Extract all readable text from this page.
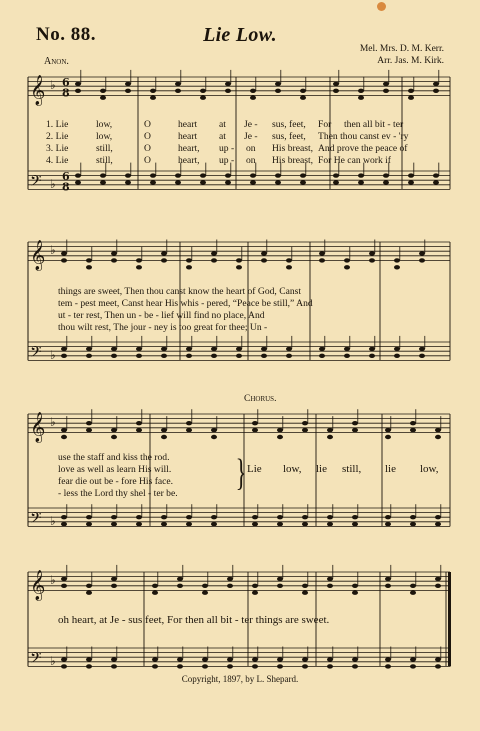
No. 88.	Lie Low.
Anon.
Mel. Mrs. D. M. Kerr.
Arr. Jas. M. Kirk.
𝄞 ♭ 6
8
𝄢 ♭
6
8
𝄞 ♭
𝄢 ♭
𝄞 ♭
𝄢 ♭
𝄞 ♭
𝄢 ♭
1. Lie	low,	O	heart at Je - sus, feet, For then all bit - ter
2. Lie	low,	O	heart at Je - sus, feet, Then thou canst ev - 'ry
3. Lie	still,	O	heart, up - on His breast, And prove the peace of
4. Lie	still,	O	heart, up - on His breast, For He can work if
things are sweet, Then thou canst know the heart of God, Canst
tem - pest meet, Canst hear His whis - pered, “Peace be still,” And
ut - ter rest, Then un - be - lief will find no place, And
thou wilt rest, The jour - ney is too great for thee; Un -
Chorus.
use the staff and kiss the rod.
love as well as learn His will.
fear die out be - fore His face.
- less the Lord thy shel - ter be. } Lie low, lie still, lie low,
oh heart, at Je - sus feet, For then all bit - ter things are sweet.
Copyright, 1897, by L. Shepard.
